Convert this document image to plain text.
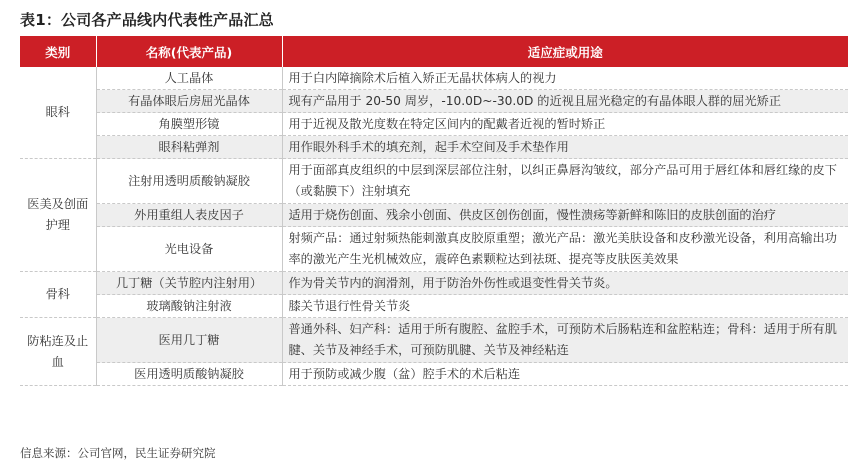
表1：公司各产品线内代表性产品汇总
类别	名称(代表产品)	适应症或用途
眼科	人工晶体	用于白内障摘除术后植入矫正无晶状体病人的视力
	有晶体眼后房屈光晶体	现有产品用于 20-50 周岁，-10.0D~-30.0D 的近视且屈光稳定的有晶体眼人群的屈光矫正
	角膜塑形镜	用于近视及散光度数在特定区间内的配戴者近视的暂时矫正
	眼科粘弹剂	用作眼外科手术的填充剂，起手术空间及手术垫作用
医美及创面护理	注射用透明质酸钠凝胶	用于面部真皮组织的中层到深层部位注射，以纠正鼻唇沟皱纹，部分产品可用于唇红体和唇红缘的皮下（或黏膜下）注射填充
	外用重组人表皮因子	适用于烧伤创面、残余小创面、供皮区创伤创面，慢性溃疡等新鲜和陈旧的皮肤创面的治疗
	光电设备	射频产品：通过射频热能刺激真皮胶原重塑；激光产品：激光美肤设备和皮秒激光设备，利用高输出功率的激光产生光机械效应，震碎色素颗粒达到祛斑、提亮等皮肤医美效果
骨科	几丁糖（关节腔内注射用）	作为骨关节内的润滑剂，用于防治外伤性或退变性骨关节炎。
	玻璃酸钠注射液	膝关节退行性骨关节炎
防粘连及止血	医用几丁糖	普通外科、妇产科：适用于所有腹腔、盆腔手术，可预防术后肠粘连和盆腔粘连；骨科：适用于所有肌腱、关节及神经手术，可预防肌腱、关节及神经粘连
	医用透明质酸钠凝胶	用于预防或减少腹（盆）腔手术的术后粘连
信息来源：公司官网，民生证券研究院
